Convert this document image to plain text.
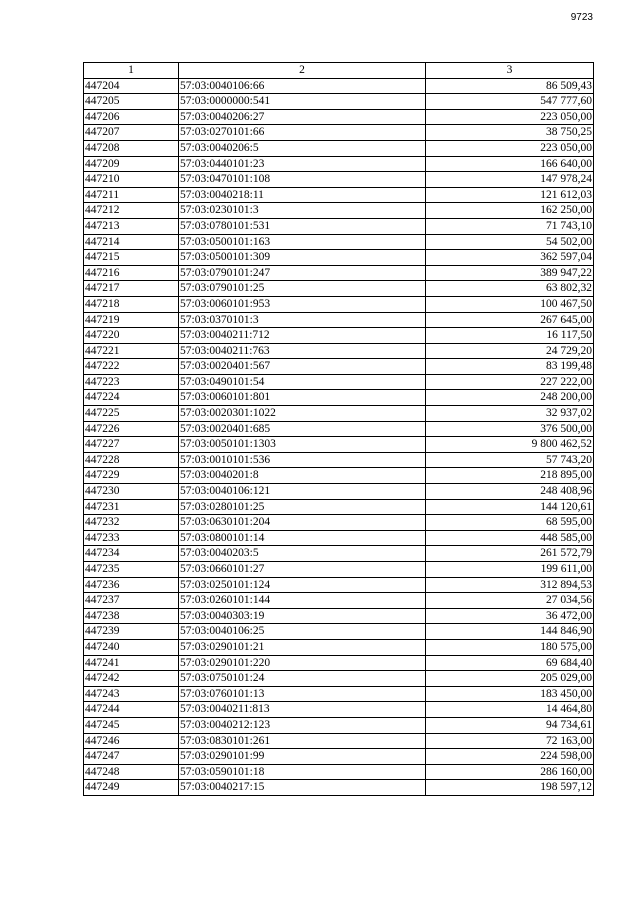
9723
1	2	3
447204	57:03:0040106:66	86 509,43
447205	57:03:0000000:541	547 777,60
447206	57:03:0040206:27	223 050,00
447207	57:03:0270101:66	38 750,25
447208	57:03:0040206:5	223 050,00
447209	57:03:0440101:23	166 640,00
447210	57:03:0470101:108	147 978,24
447211	57:03:0040218:11	121 612,03
447212	57:03:0230101:3	162 250,00
447213	57:03:0780101:531	71 743,10
447214	57:03:0500101:163	54 502,00
447215	57:03:0500101:309	362 597,04
447216	57:03:0790101:247	389 947,22
447217	57:03:0790101:25	63 802,32
447218	57:03:0060101:953	100 467,50
447219	57:03:0370101:3	267 645,00
447220	57:03:0040211:712	16 117,50
447221	57:03:0040211:763	24 729,20
447222	57:03:0020401:567	83 199,48
447223	57:03:0490101:54	227 222,00
447224	57:03:0060101:801	248 200,00
447225	57:03:0020301:1022	32 937,02
447226	57:03:0020401:685	376 500,00
447227	57:03:0050101:1303	9 800 462,52
447228	57:03:0010101:536	57 743,20
447229	57:03:0040201:8	218 895,00
447230	57:03:0040106:121	248 408,96
447231	57:03:0280101:25	144 120,61
447232	57:03:0630101:204	68 595,00
447233	57:03:0800101:14	448 585,00
447234	57:03:0040203:5	261 572,79
447235	57:03:0660101:27	199 611,00
447236	57:03:0250101:124	312 894,53
447237	57:03:0260101:144	27 034,56
447238	57:03:0040303:19	36 472,00
447239	57:03:0040106:25	144 846,90
447240	57:03:0290101:21	180 575,00
447241	57:03:0290101:220	69 684,40
447242	57:03:0750101:24	205 029,00
447243	57:03:0760101:13	183 450,00
447244	57:03:0040211:813	14 464,80
447245	57:03:0040212:123	94 734,61
447246	57:03:0830101:261	72 163,00
447247	57:03:0290101:99	224 598,00
447248	57:03:0590101:18	286 160,00
447249	57:03:0040217:15	198 597,12
